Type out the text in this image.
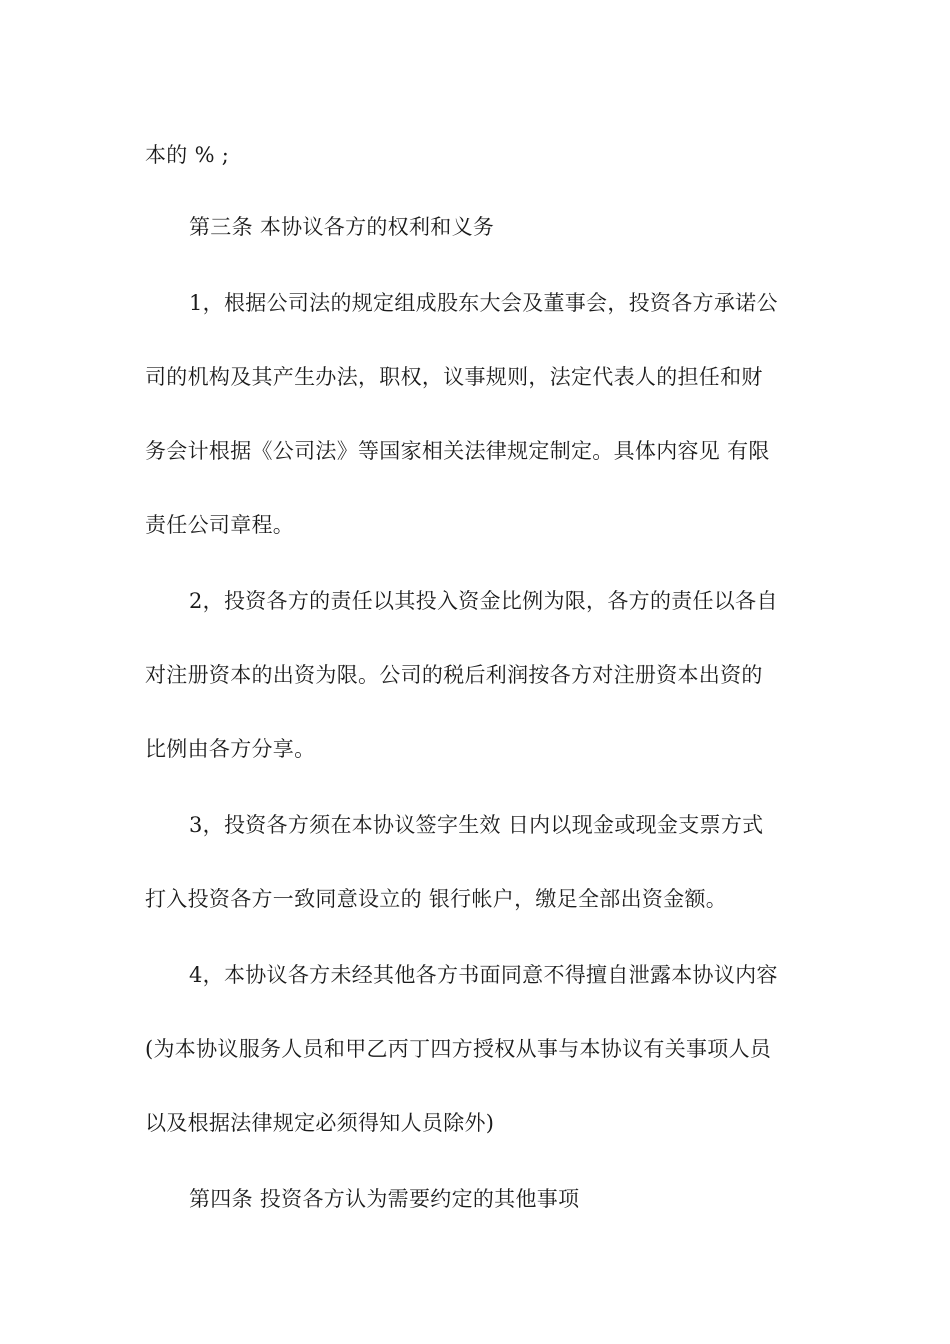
本的 % ;
第三条 本协议各方的权利和义务
1，根据公司法的规定组成股东大会及董事会，投资各方承诺公
司的机构及其产生办法，职权，议事规则，法定代表人的担任和财
务会计根据《公司法》等国家相关法律规定制定。具体内容见 有限
责任公司章程。
2，投资各方的责任以其投入资金比例为限，各方的责任以各自
对注册资本的出资为限。公司的税后利润按各方对注册资本出资的
比例由各方分享。
3，投资各方须在本协议签字生效 日内以现金或现金支票方式
打入投资各方一致同意设立的 银行帐户，缴足全部出资金额。
4，本协议各方未经其他各方书面同意不得擅自泄露本协议内容
(为本协议服务人员和甲乙丙丁四方授权从事与本协议有关事项人员
以及根据法律规定必须得知人员除外)
第四条 投资各方认为需要约定的其他事项
